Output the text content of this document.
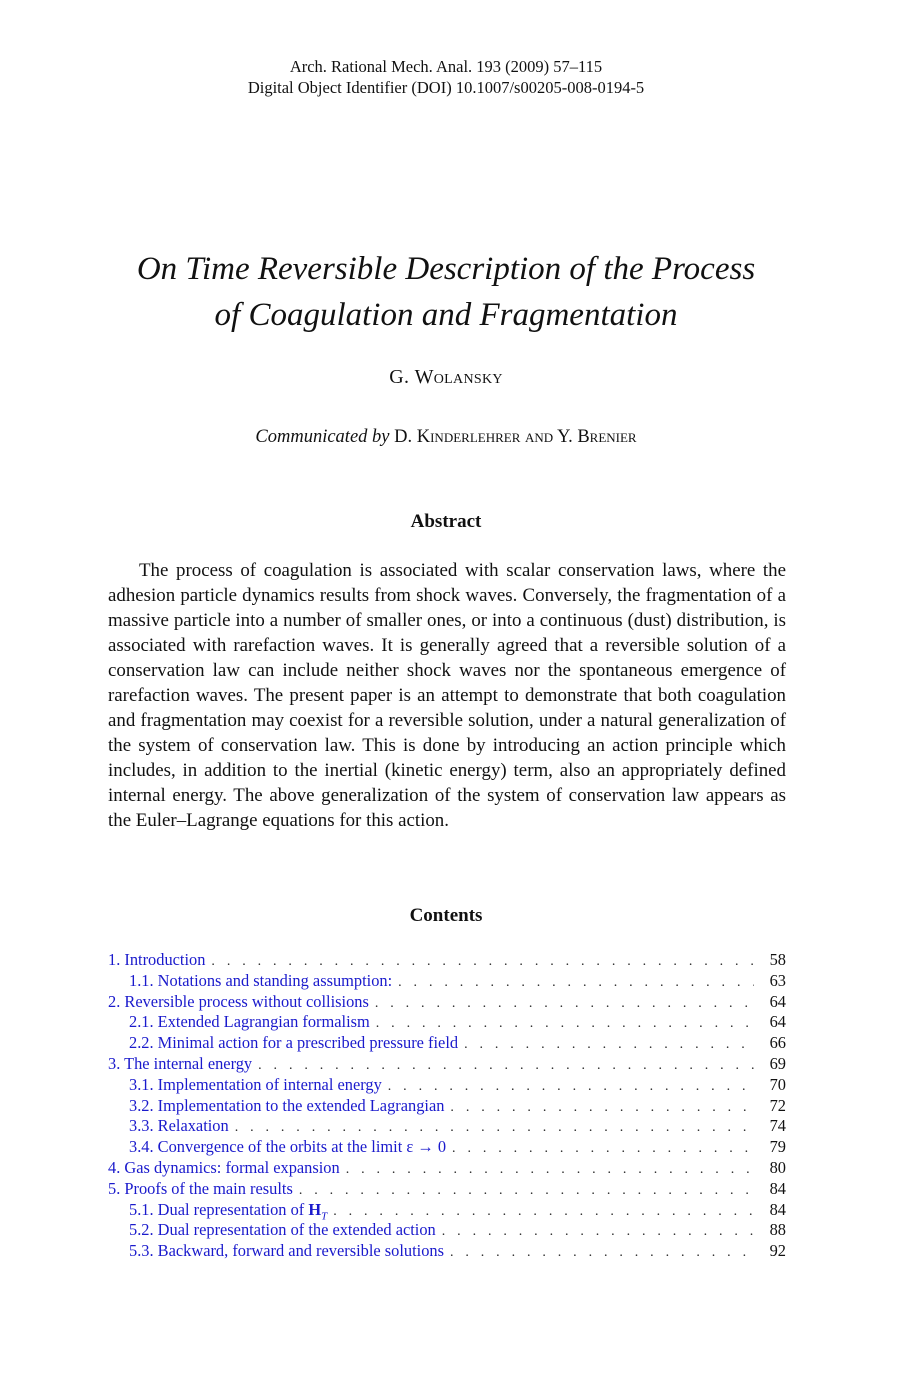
Arch. Rational Mech. Anal. 193 (2009) 57–115
Digital Object Identifier (DOI) 10.1007/s00205-008-0194-5
On Time Reversible Description of the Process
of Coagulation and Fragmentation
G. Wolansky
Communicated by D. Kinderlehrer and Y. Brenier
Abstract

The process of coagulation is associated with scalar conservation laws, where the adhesion particle dynamics results from shock waves. Conversely, the fragmentation of a massive particle into a number of smaller ones, or into a continuous (dust) distribution, is associated with rarefaction waves. It is generally agreed that a reversible solution of a conservation law can include neither shock waves nor the spontaneous emergence of rarefaction waves. The present paper is an attempt to demonstrate that both coagulation and fragmentation may coexist for a reversible solution, under a natural generalization of the system of conservation law. This is done by introducing an action principle which includes, in addition to the inertial (kinetic energy) term, also an appropriately defined internal energy. The above generalization of the system of conservation law appears as the Euler–Lagrange equations for this action.

Contents
1. Introduction . . .	58
1.1. Notations and standing assumption: . . .	63
2. Reversible process without collisions . . .	64
2.1. Extended Lagrangian formalism . . .	64
2.2. Minimal action for a prescribed pressure field . . .	66
3. The internal energy . . .	69
3.1. Implementation of internal energy . . .	70
3.2. Implementation to the extended Lagrangian . . .	72
3.3. Relaxation . . .	74
3.4. Convergence of the orbits at the limit ε → 0 . . .	79
4. Gas dynamics: formal expansion . . .	80
5. Proofs of the main results . . .	84
5.1. Dual representation of $H_T$ . . .	84
5.2. Dual representation of the extended action . . .	88
5.3. Backward, forward and reversible solutions . . .	92
